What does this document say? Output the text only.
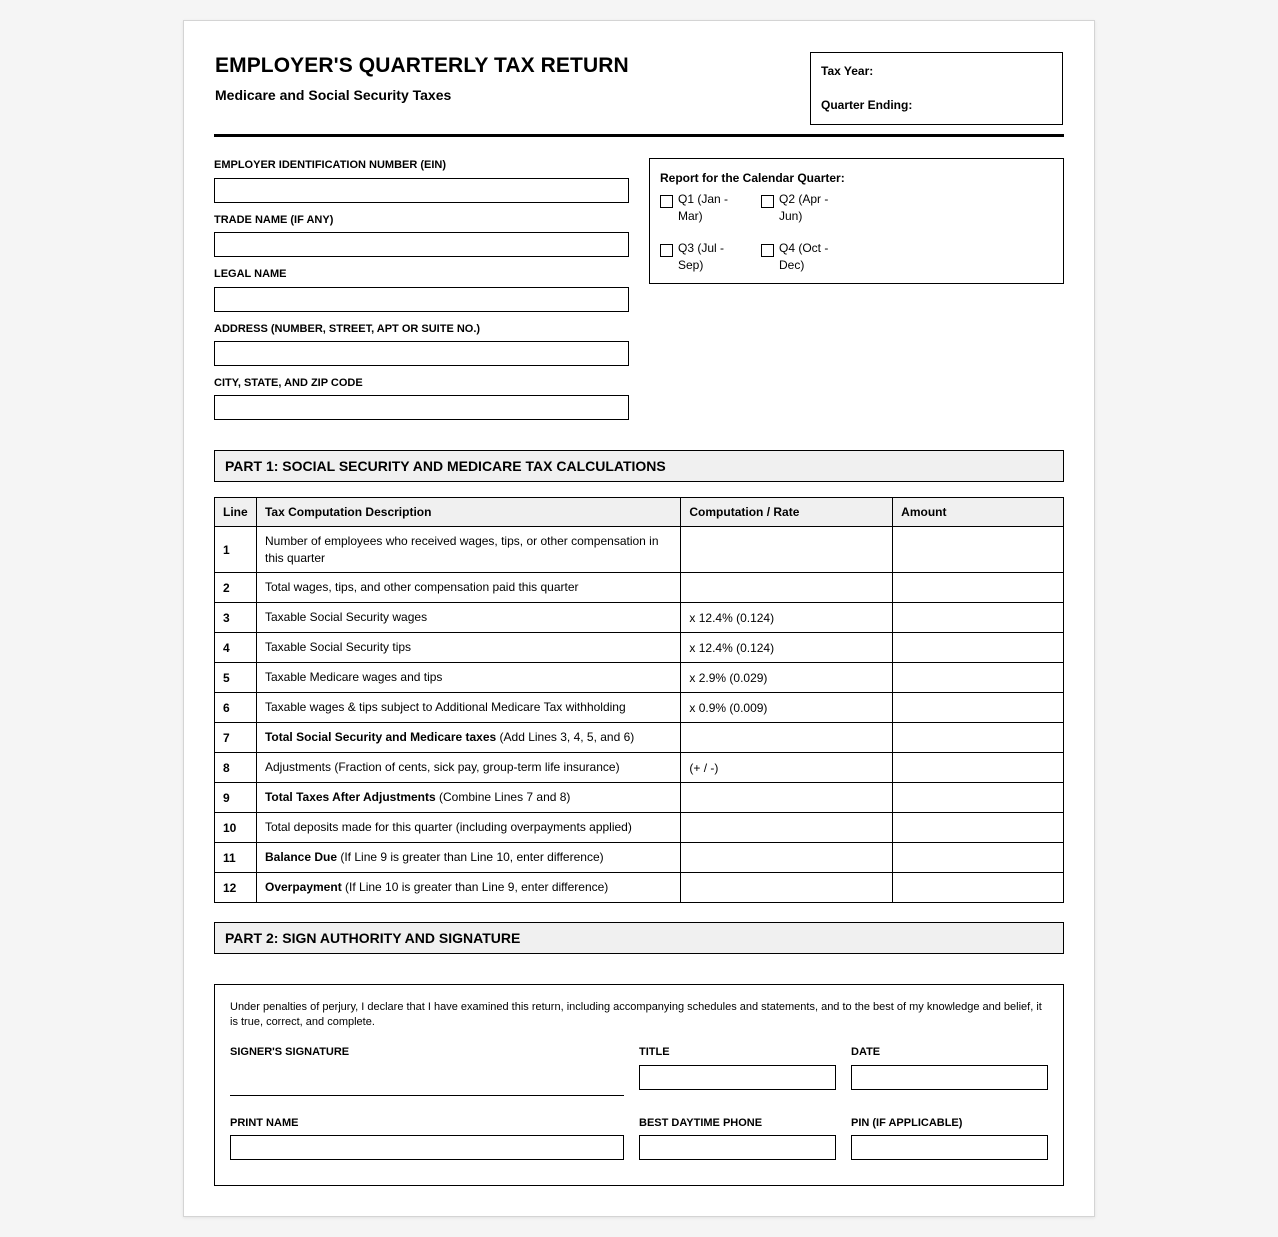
EMPLOYER'S QUARTERLY TAX RETURN
Medicare and Social Security Taxes
Tax Year:
Quarter Ending:
EMPLOYER IDENTIFICATION NUMBER (EIN)
TRADE NAME (IF ANY)
LEGAL NAME
ADDRESS (NUMBER, STREET, APT OR SUITE NO.)
CITY, STATE, AND ZIP CODE
Report for the Calendar Quarter:
Q1 (Jan - Mar)
Q2 (Apr - Jun)
Q3 (Jul - Sep)
Q4 (Oct - Dec)
PART 1: SOCIAL SECURITY AND MEDICARE TAX CALCULATIONS
Line	Tax Computation Description	Computation / Rate	Amount
1	Number of employees who received wages, tips, or other compensation in this quarter		
2	Total wages, tips, and other compensation paid this quarter		
3	Taxable Social Security wages	x 12.4% (0.124)	
4	Taxable Social Security tips	x 12.4% (0.124)	
5	Taxable Medicare wages and tips	x 2.9% (0.029)	
6	Taxable wages & tips subject to Additional Medicare Tax withholding	x 0.9% (0.009)	
7	Total Social Security and Medicare taxes (Add Lines 3, 4, 5, and 6)		
8	Adjustments (Fraction of cents, sick pay, group-term life insurance)	(+ / -)	
9	Total Taxes After Adjustments (Combine Lines 7 and 8)		
10	Total deposits made for this quarter (including overpayments applied)		
11	Balance Due (If Line 9 is greater than Line 10, enter difference)		
12	Overpayment (If Line 10 is greater than Line 9, enter difference)		
PART 2: SIGN AUTHORITY AND SIGNATURE
Under penalties of perjury, I declare that I have examined this return, including accompanying schedules and statements, and to the best of my knowledge and belief, it is true, correct, and complete.
SIGNER'S SIGNATURE	TITLE	DATE
PRINT NAME	BEST DAYTIME PHONE	PIN (IF APPLICABLE)
